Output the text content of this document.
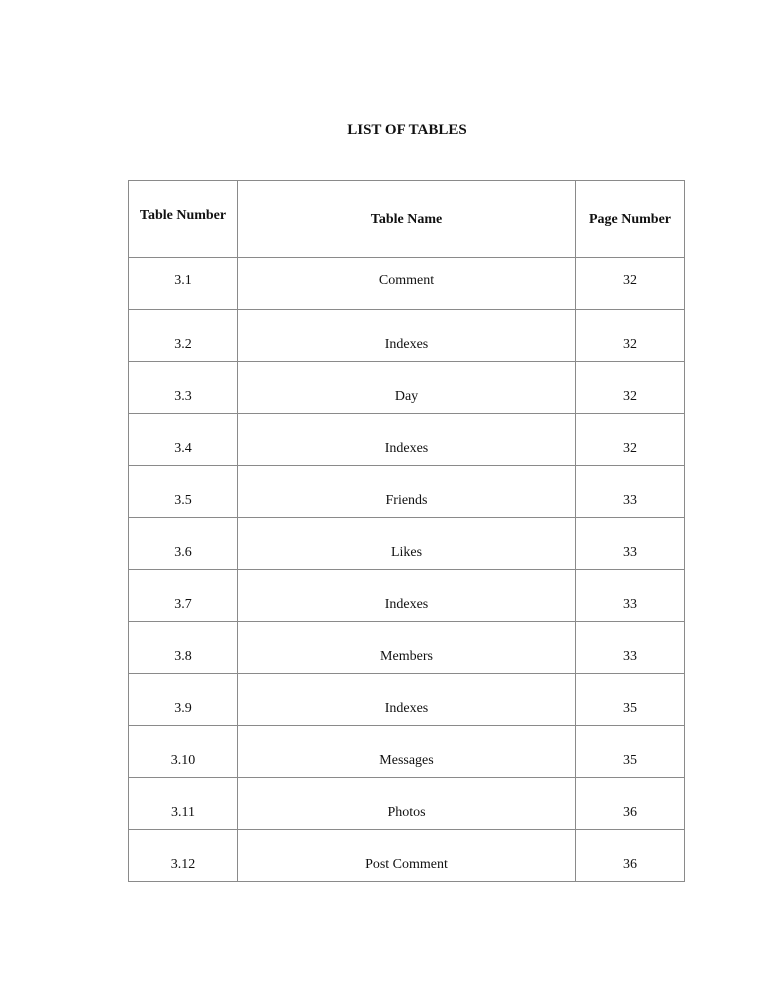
LIST OF TABLES
Table Number	Table Name	Page Number

3.1	Comment	32

3.2	Indexes	32

3.3	Day	32

3.4	Indexes	32

3.5	Friends	33

3.6	Likes	33

3.7	Indexes	33

3.8	Members	33

3.9	Indexes	35

3.10	Messages	35

3.11	Photos	36

3.12	Post Comment	36
